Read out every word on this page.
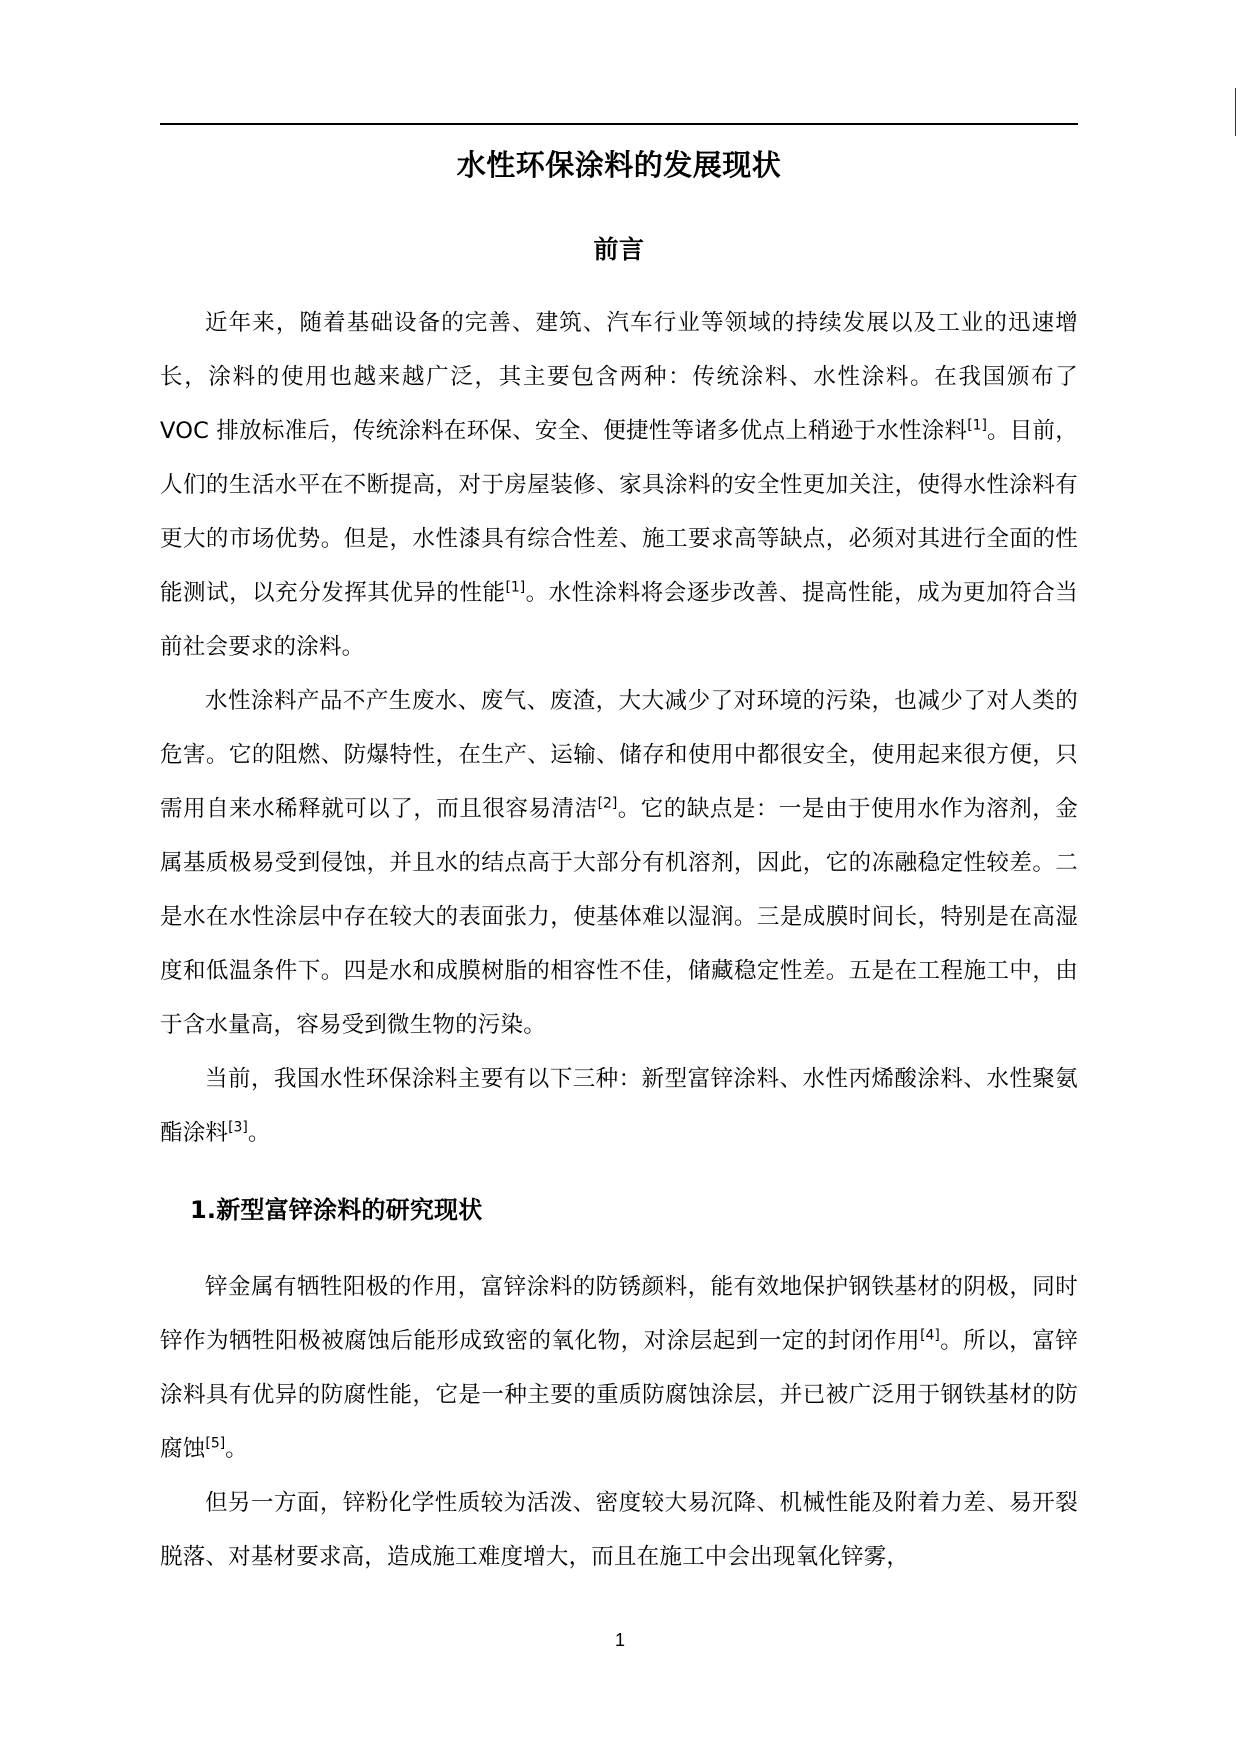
水性环保涂料的发展现状
前言

近年来，随着基础设备的完善、建筑、汽车行业等领域的持续发展以及工业的迅速增长，涂料的使用也越来越广泛，其主要包含两种：传统涂料、水性涂料。在我国颁布了 VOC 排放标准后，传统涂料在环保、安全、便捷性等诸多优点上稍逊于水性涂料[1]。目前，人们的生活水平在不断提高，对于房屋装修、家具涂料的安全性更加关注，使得水性涂料有更大的市场优势。但是，水性漆具有综合性差、施工要求高等缺点，必须对其进行全面的性能测试，以充分发挥其优异的性能[1]。水性涂料将会逐步改善、提高性能，成为更加符合当前社会要求的涂料。

水性涂料产品不产生废水、废气、废渣，大大减少了对环境的污染，也减少了对人类的危害。它的阻燃、防爆特性，在生产、运输、储存和使用中都很安全，使用起来很方便，只需用自来水稀释就可以了，而且很容易清洁[2]。它的缺点是：一是由于使用水作为溶剂，金属基质极易受到侵蚀，并且水的结点高于大部分有机溶剂，因此，它的冻融稳定性较差。二是水在水性涂层中存在较大的表面张力，使基体难以湿润。三是成膜时间长，特别是在高湿度和低温条件下。四是水和成膜树脂的相容性不佳，储藏稳定性差。五是在工程施工中，由于含水量高，容易受到微生物的污染。

当前，我国水性环保涂料主要有以下三种：新型富锌涂料、水性丙烯酸涂料、水性聚氨酯涂料[3]。

1.新型富锌涂料的研究现状

锌金属有牺牲阳极的作用，富锌涂料的防锈颜料，能有效地保护钢铁基材的阴极，同时锌作为牺牲阳极被腐蚀后能形成致密的氧化物，对涂层起到一定的封闭作用[4]。所以，富锌涂料具有优异的防腐性能，它是一种主要的重质防腐蚀涂层，并已被广泛用于钢铁基材的防腐蚀[5]。

但另一方面，锌粉化学性质较为活泼、密度较大易沉降、机械性能及附着力差、易开裂脱落、对基材要求高，造成施工难度增大，而且在施工中会出现氧化锌雾，

1
